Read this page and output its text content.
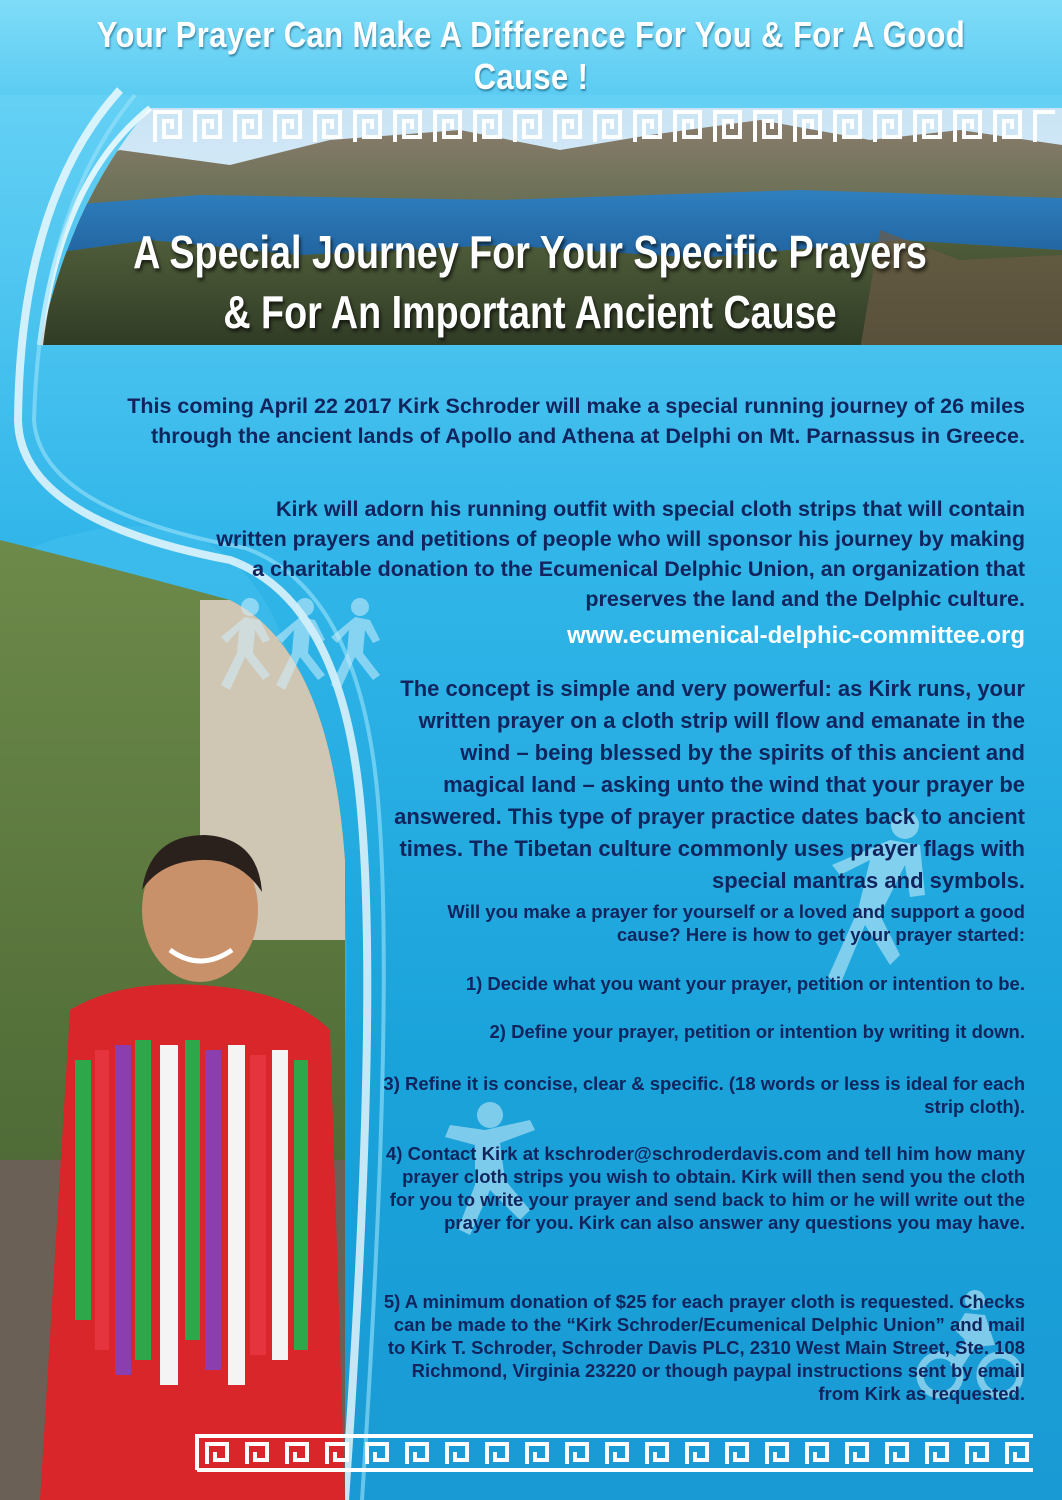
Your Prayer Can Make A Difference For You & For A Good Cause !
A Special Journey For Your Specific Prayers
& For An Important Ancient Cause
This coming April 22 2017 Kirk Schroder will make a special running journey of 26 miles through the ancient lands of Apollo and Athena at Delphi on Mt. Parnassus in Greece.
Kirk will adorn his running outfit with special cloth strips that will contain written prayers and petitions of people who will sponsor his journey by making a charitable donation to the Ecumenical Delphic Union, an organization that preserves the land and the Delphic culture.
www.ecumenical-delphic-committee.org
The concept is simple and very powerful: as Kirk runs, your written prayer on a cloth strip will flow and emanate in the wind – being blessed by the spirits of this ancient and magical land – asking unto the wind that your prayer be answered. This type of prayer practice dates back to ancient times. The Tibetan culture commonly uses prayer flags with special mantras and symbols.
Will you make a prayer for yourself or a loved and support a good cause? Here is how to get your prayer started:
1) Decide what you want your prayer, petition or intention to be.
2) Define your prayer, petition or intention by writing it down.
3) Refine it is concise, clear & specific. (18 words or less is ideal for each strip cloth).
4) Contact Kirk at kschroder@schroderdavis.com and tell him how many prayer cloth strips you wish to obtain. Kirk will then send you the cloth for you to write your prayer and send back to him or he will write out the prayer for you. Kirk can also answer any questions you may have.
5) A minimum donation of $25 for each prayer cloth is requested. Checks can be made to the “Kirk Schroder/Ecumenical Delphic Union” and mail to Kirk T. Schroder, Schroder Davis PLC, 2310 West Main Street, Ste. 108 Richmond, Virginia 23220 or though paypal instructions sent by email from Kirk as requested.
